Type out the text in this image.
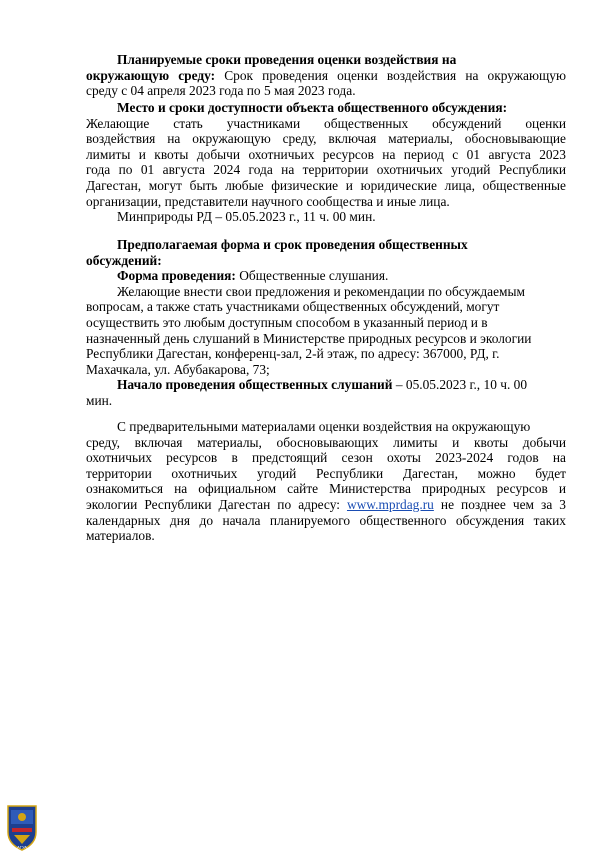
Планируемые сроки проведения оценки воздействия на
окружающую среду: Срок проведения оценки воздействия на окружающую
среду с 04 апреля 2023 года по 5 мая 2023 года.
Место и сроки доступности объекта общественного обсуждения:
Желающие стать участниками общественных обсуждений оценки
воздействия на окружающую среду, включая материалы, обосновывающие
лимиты и квоты добычи охотничьих ресурсов на период с 01 августа 2023
года по 01 августа 2024 года на территории охотничьих угодий Республики
Дагестан, могут быть любые физические и юридические лица, общественные
организации, представители научного сообщества и иные лица.
Минприроды РД – 05.05.2023 г., 11 ч. 00 мин.
Предполагаемая форма и срок проведения общественных
обсуждений:
Форма проведения: Общественные слушания.
Желающие внести свои предложения и рекомендации по обсуждаемым
вопросам, а также стать участниками общественных обсуждений, могут
осуществить это любым доступным способом в указанный период и в
назначенный день слушаний в Министерстве природных ресурсов и экологии
Республики Дагестан, конференц-зал, 2-й этаж, по адресу: 367000, РД, г.
Махачкала, ул. Абубакарова, 73;
Начало проведения общественных слушаний – 05.05.2023 г., 10 ч. 00
мин.
С предварительными материалами оценки воздействия на окружающую
среду, включая материалы, обосновывающих лимиты и квоты добычи
охотничьих ресурсов в предстоящий сезон охоты 2023-2024 годов на
территории охотничьих угодий Республики Дагестан, можно будет
ознакомиться на официальном сайте Министерства природных ресурсов и
экологии Республики Дагестан по адресу: www.mprdag.ru не позднее чем за 3
календарных дня до начала планируемого общественного обсуждения таких
материалов.
АГУА
